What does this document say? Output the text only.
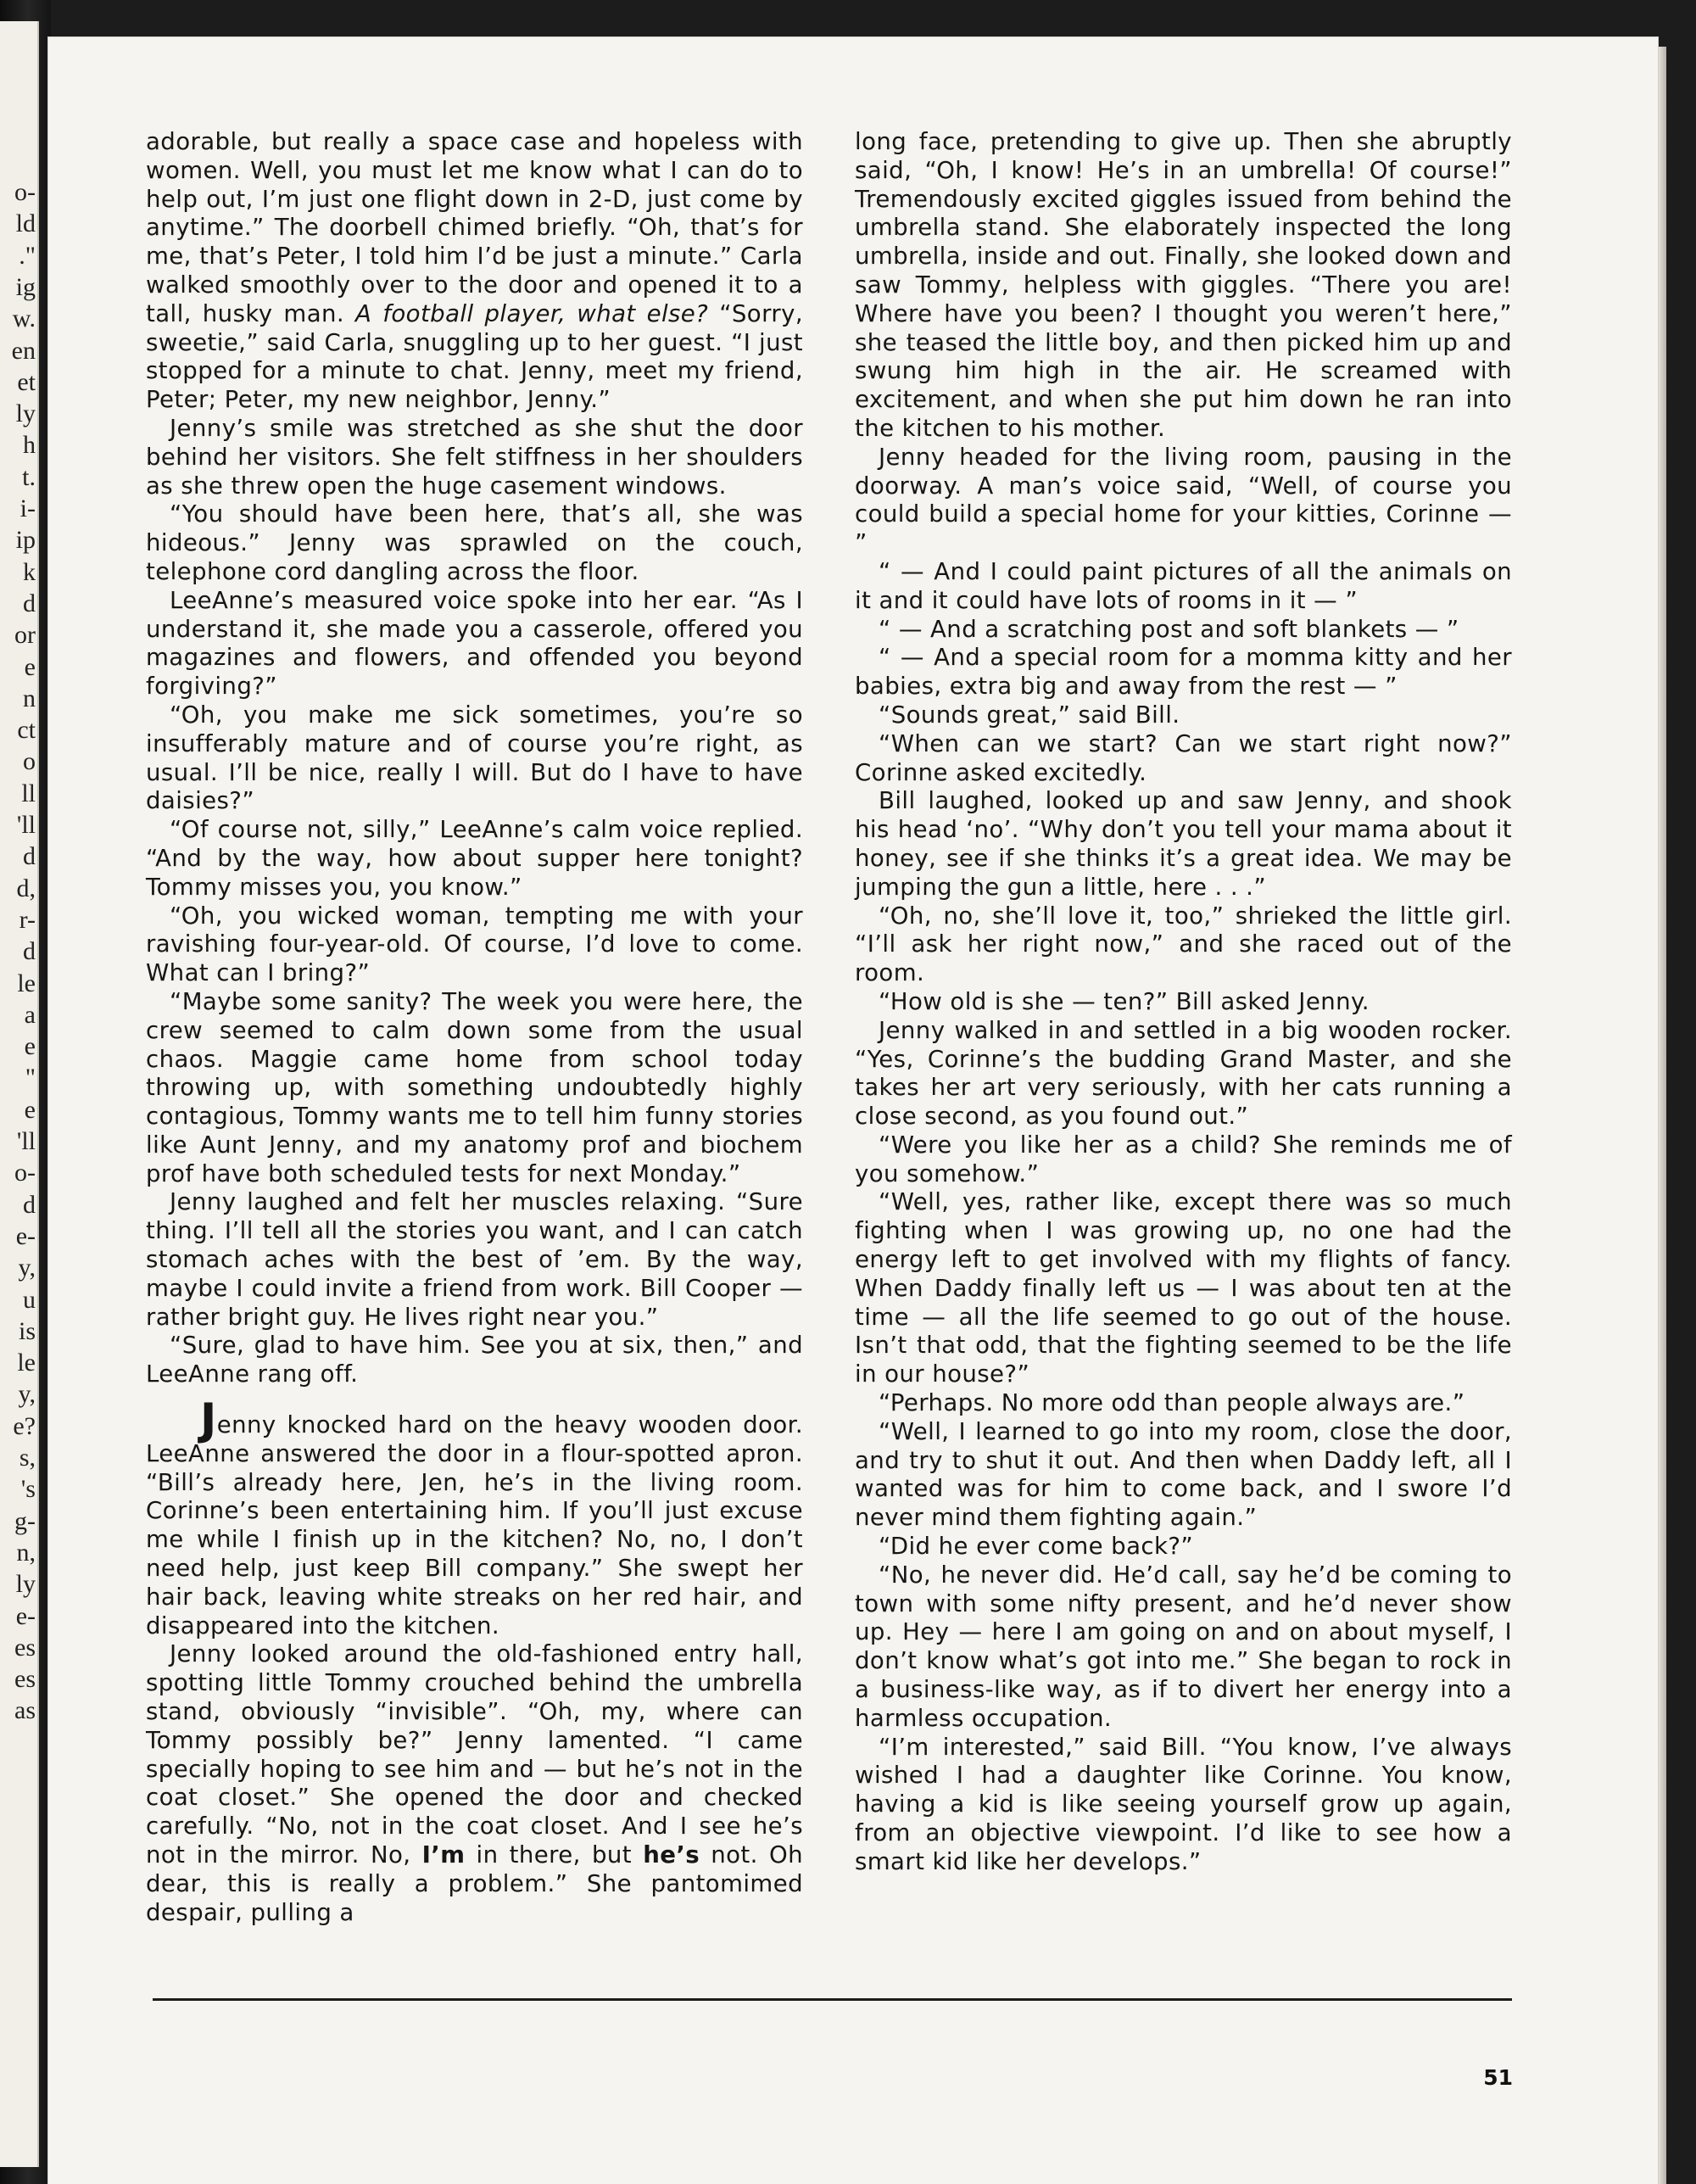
o-
ld
."
ig
w.
en
et
ly
h
t.
i-
ip
k
d
or
e
n
ct
o
ll
'll
d
d,
r-
d
le
a
e
"
e
'll
o-
d
e-
y,
u
is
le
y,
e?
s,
's
g-
n,
ly
e-
es
es
as

adorable, but really a space case and hopeless with women. Well, you must let me know what I can do to help out, I’m just one flight down in 2-D, just come by anytime.” The doorbell chimed briefly. “Oh, that’s for me, that’s Peter, I told him I’d be just a minute.” Carla walked smoothly over to the door and opened it to a tall, husky man. A football player, what else? “Sorry, sweetie,” said Carla, snuggling up to her guest. “I just stopped for a minute to chat. Jenny, meet my friend, Peter; Peter, my new neighbor, Jenny.”

Jenny’s smile was stretched as she shut the door behind her visitors. She felt stiffness in her shoulders as she threw open the huge casement windows.

“You should have been here, that’s all, she was hideous.” Jenny was sprawled on the couch, telephone cord dangling across the floor.

LeeAnne’s measured voice spoke into her ear. “As I understand it, she made you a casserole, offered you magazines and flowers, and offended you beyond forgiving?”

“Oh, you make me sick sometimes, you’re so insufferably mature and of course you’re right, as usual. I’ll be nice, really I will. But do I have to have daisies?”

“Of course not, silly,” LeeAnne’s calm voice replied. “And by the way, how about supper here tonight? Tommy misses you, you know.”

“Oh, you wicked woman, tempting me with your ravishing four-year-old. Of course, I’d love to come. What can I bring?”

“Maybe some sanity? The week you were here, the crew seemed to calm down some from the usual chaos. Maggie came home from school today throwing up, with something undoubtedly highly contagious, Tommy wants me to tell him funny stories like Aunt Jenny, and my anatomy prof and biochem prof have both scheduled tests for next Monday.”

Jenny laughed and felt her muscles relaxing. “Sure thing. I’ll tell all the stories you want, and I can catch stomach aches with the best of ’em. By the way, maybe I could invite a friend from work. Bill Cooper — rather bright guy. He lives right near you.”

“Sure, glad to have him. See you at six, then,” and LeeAnne rang off.

Jenny knocked hard on the heavy wooden door. LeeAnne answered the door in a flour-spotted apron. “Bill’s already here, Jen, he’s in the living room. Corinne’s been entertaining him. If you’ll just excuse me while I finish up in the kitchen? No, no, I don’t need help, just keep Bill company.” She swept her hair back, leaving white streaks on her red hair, and disappeared into the kitchen.

Jenny looked around the old-fashioned entry hall, spotting little Tommy crouched behind the umbrella stand, obviously “invisible”. “Oh, my, where can Tommy possibly be?” Jenny lamented. “I came specially hoping to see him and — but he’s not in the coat closet.” She opened the door and checked carefully. “No, not in the coat closet. And I see he’s not in the mirror. No, I’m in there, but he’s not. Oh dear, this is really a problem.” She pantomimed despair, pulling a

long face, pretending to give up. Then she abruptly said, “Oh, I know! He’s in an umbrella! Of course!” Tremendously excited giggles issued from behind the umbrella stand. She elaborately inspected the long umbrella, inside and out. Finally, she looked down and saw Tommy, helpless with giggles. “There you are! Where have you been? I thought you weren’t here,” she teased the little boy, and then picked him up and swung him high in the air. He screamed with excitement, and when she put him down he ran into the kitchen to his mother.

Jenny headed for the living room, pausing in the doorway. A man’s voice said, “Well, of course you could build a special home for your kitties, Corinne — ”

“ — And I could paint pictures of all the animals on it and it could have lots of rooms in it — ”

“ — And a scratching post and soft blankets — ”

“ — And a special room for a momma kitty and her babies, extra big and away from the rest — ”

“Sounds great,” said Bill.

“When can we start? Can we start right now?” Corinne asked excitedly.

Bill laughed, looked up and saw Jenny, and shook his head ‘no’. “Why don’t you tell your mama about it honey, see if she thinks it’s a great idea. We may be jumping the gun a little, here . . .”

“Oh, no, she’ll love it, too,” shrieked the little girl. “I’ll ask her right now,” and she raced out of the room.

“How old is she — ten?” Bill asked Jenny.

Jenny walked in and settled in a big wooden rocker. “Yes, Corinne’s the budding Grand Master, and she takes her art very seriously, with her cats running a close second, as you found out.”

“Were you like her as a child? She reminds me of you somehow.”

“Well, yes, rather like, except there was so much fighting when I was growing up, no one had the energy left to get involved with my flights of fancy. When Daddy finally left us — I was about ten at the time — all the life seemed to go out of the house. Isn’t that odd, that the fighting seemed to be the life in our house?”

“Perhaps. No more odd than people always are.”

“Well, I learned to go into my room, close the door, and try to shut it out. And then when Daddy left, all I wanted was for him to come back, and I swore I’d never mind them fighting again.”

“Did he ever come back?”

“No, he never did. He’d call, say he’d be coming to town with some nifty present, and he’d never show up. Hey — here I am going on and on about myself, I don’t know what’s got into me.” She began to rock in a business-like way, as if to divert her energy into a harmless occupation.

“I’m interested,” said Bill. “You know, I’ve always wished I had a daughter like Corinne. You know, having a kid is like seeing yourself grow up again, from an objective viewpoint. I’d like to see how a smart kid like her develops.”

51
